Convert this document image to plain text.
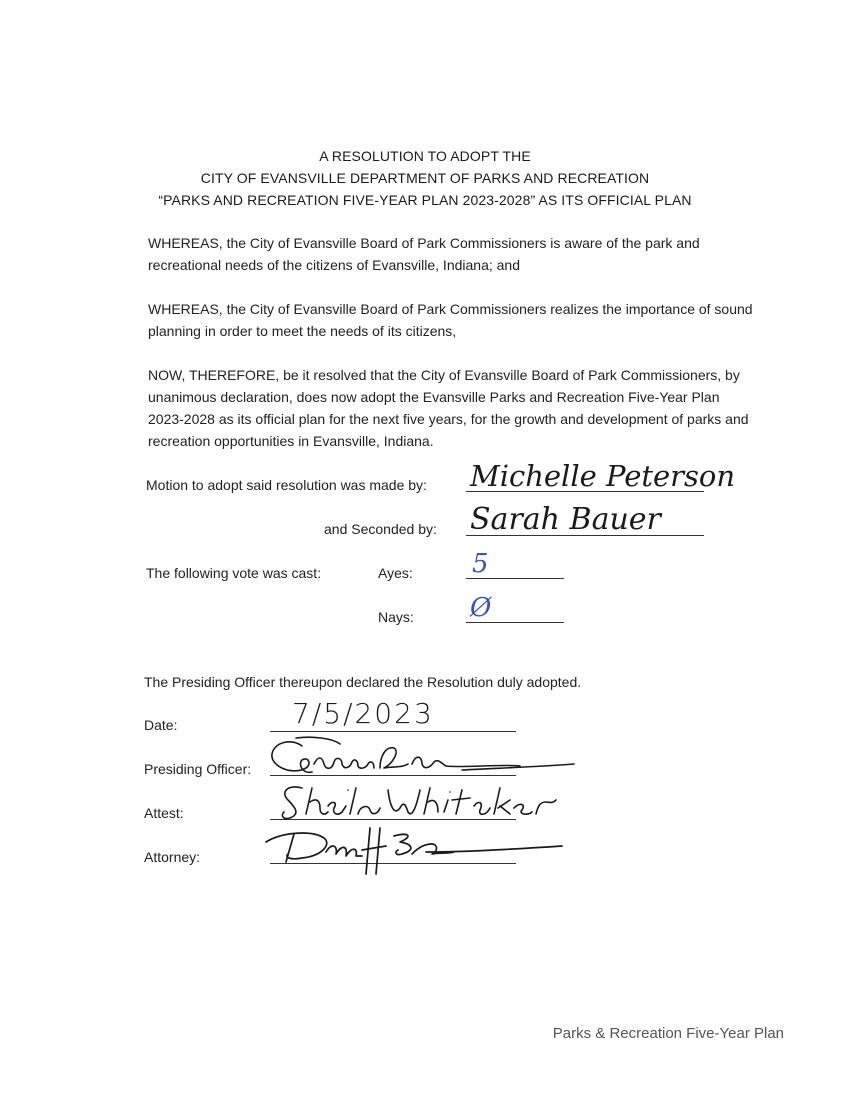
A RESOLUTION TO ADOPT THE
CITY OF EVANSVILLE DEPARTMENT OF PARKS AND RECREATION
“PARKS AND RECREATION FIVE-YEAR PLAN 2023-2028” AS ITS OFFICIAL PLAN
WHEREAS, the City of Evansville Board of Park Commissioners is aware of the park and recreational needs of the citizens of Evansville, Indiana; and
WHEREAS, the City of Evansville Board of Park Commissioners realizes the importance of sound planning in order to meet the needs of its citizens,
NOW, THEREFORE, be it resolved that the City of Evansville Board of Park Commissioners, by unanimous declaration, does now adopt the Evansville Parks and Recreation Five-Year Plan 2023-2028 as its official plan for the next five years, for the growth and development of parks and recreation opportunities in Evansville, Indiana.
Motion to adopt said resolution was made by: Michelle Peterson
and Seconded by: Sarah Bauer
The following vote was cast:	Ayes: 5
Nays: Ø
The Presiding Officer thereupon declared the Resolution duly adopted.
Date:	7/5/2023
Presiding Officer:
Attest:
Attorney:
Parks & Recreation Five-Year Plan
